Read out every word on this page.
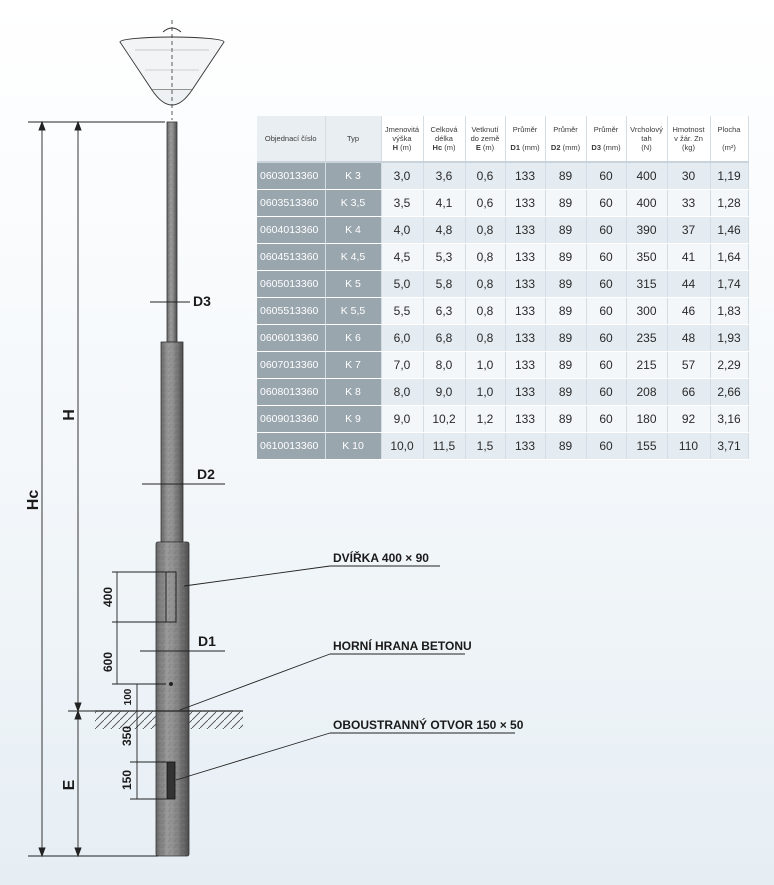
Hc
H
E
D3
D2
D1
400
600
100
350
150
DVÍŘKA 400 × 90
HORNÍ HRANA BETONU
OBOUSTRANNÝ OTVOR 150 × 50
Objednací číslo	Typ	Jmenovitá
výška
H (m)	Celková
délka
Hc (m)	Vetknutí
do země
E (m)	Průměr

D1 (mm)	Průměr

D2 (mm)	Průměr

D3 (mm)	Vrcholový
tah
(N)	Hmotnost
v žár. Zn
(kg)	Plocha

(m²)
0603013360	K 3	3,0	3,6	0,6	133	89	60	400	30	1,19
0603513360	K 3,5	3,5	4,1	0,6	133	89	60	400	33	1,28
0604013360	K 4	4,0	4,8	0,8	133	89	60	390	37	1,46
0604513360	K 4,5	4,5	5,3	0,8	133	89	60	350	41	1,64
0605013360	K 5	5,0	5,8	0,8	133	89	60	315	44	1,74
0605513360	K 5,5	5,5	6,3	0,8	133	89	60	300	46	1,83
0606013360	K 6	6,0	6,8	0,8	133	89	60	235	48	1,93
0607013360	K 7	7,0	8,0	1,0	133	89	60	215	57	2,29
0608013360	K 8	8,0	9,0	1,0	133	89	60	208	66	2,66
0609013360	K 9	9,0	10,2	1,2	133	89	60	180	92	3,16
0610013360	K 10	10,0	11,5	1,5	133	89	60	155	110	3,71
